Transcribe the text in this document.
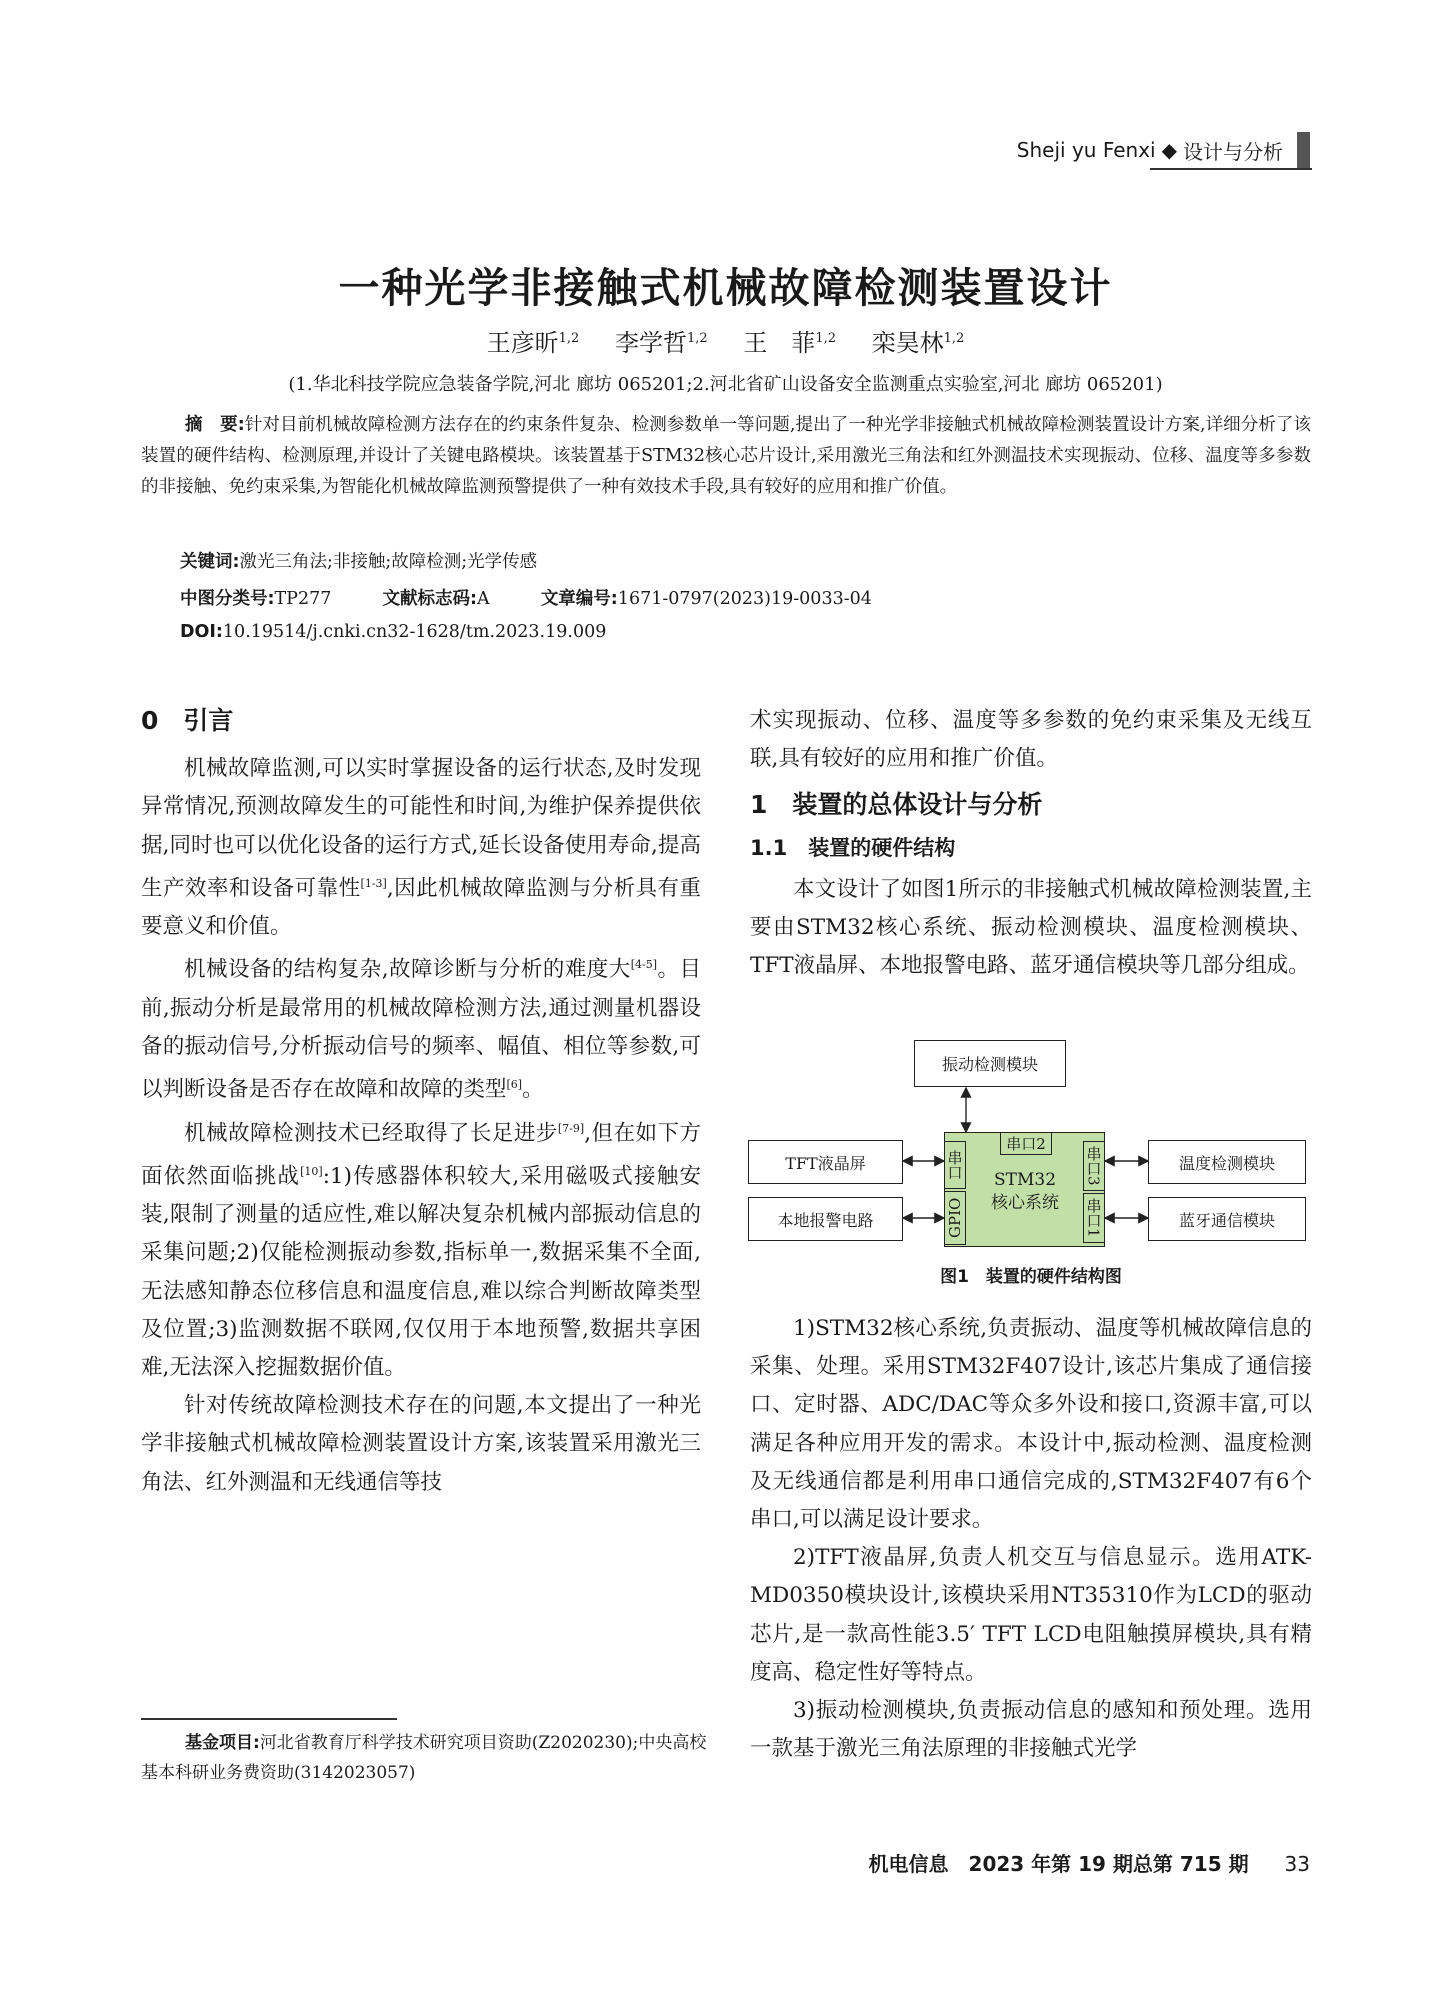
Sheji yu Fenxi ◆ 设计与分析
一种光学非接触式机械故障检测装置设计
王彦昕$^{1,2}$ 李学哲$^{1,2}$ 王　菲$^{1,2}$ 栾昊林$^{1,2}$
(1.华北科技学院应急装备学院,河北 廊坊 065201;2.河北省矿山设备安全监测重点实验室,河北 廊坊 065201)
摘　要:针对目前机械故障检测方法存在的约束条件复杂、检测参数单一等问题,提出了一种光学非接触式机械故障检测装置设计方案,详细分析了该装置的硬件结构、检测原理,并设计了关键电路模块。该装置基于STM32核心芯片设计,采用激光三角法和红外测温技术实现振动、位移、温度等多参数的非接触、免约束采集,为智能化机械故障监测预警提供了一种有效技术手段,具有较好的应用和推广价值。
关键词:激光三角法;非接触;故障检测;光学传感
中图分类号:TP277	文献标志码:A	文章编号:1671-0797(2023)19-0033-04
DOI:10.19514/j.cnki.cn32-1628/tm.2023.19.009
0　引言

机械故障监测,可以实时掌握设备的运行状态,及时发现异常情况,预测故障发生的可能性和时间,为维护保养提供依据,同时也可以优化设备的运行方式,延长设备使用寿命,提高生产效率和设备可靠性[1-3],因此机械故障监测与分析具有重要意义和价值。

机械设备的结构复杂,故障诊断与分析的难度大[4-5]。目前,振动分析是最常用的机械故障检测方法,通过测量机器设备的振动信号,分析振动信号的频率、幅值、相位等参数,可以判断设备是否存在故障和故障的类型[6]。

机械故障检测技术已经取得了长足进步[7-9],但在如下方面依然面临挑战[10]:1)传感器体积较大,采用磁吸式接触安装,限制了测量的适应性,难以解决复杂机械内部振动信息的采集问题;2)仅能检测振动参数,指标单一,数据采集不全面,无法感知静态位移信息和温度信息,难以综合判断故障类型及位置;3)监测数据不联网,仅仅用于本地预警,数据共享困难,无法深入挖掘数据价值。

针对传统故障检测技术存在的问题,本文提出了一种光学非接触式机械故障检测装置设计方案,该装置采用激光三角法、红外测温和无线通信等技

基金项目:河北省教育厅科学技术研究项目资助(Z2020230);中央高校基本科研业务费资助(3142023057)

术实现振动、位移、温度等多参数的免约束采集及无线互联,具有较好的应用和推广价值。

1　装置的总体设计与分析
1.1　装置的硬件结构

本文设计了如图1所示的非接触式机械故障检测装置,主要由STM32核心系统、振动检测模块、温度检测模块、TFT液晶屏、本地报警电路、蓝牙通信模块等几部分组成。

振动检测模块
TFT液晶屏
本地报警电路
温度检测模块
蓝牙通信模块
串口2
串口
GPIO
串口3
串口1
STM32
核心系统
图1　装置的硬件结构图

1)STM32核心系统,负责振动、温度等机械故障信息的采集、处理。采用STM32F407设计,该芯片集成了通信接口、定时器、ADC/DAC等众多外设和接口,资源丰富,可以满足各种应用开发的需求。本设计中,振动检测、温度检测及无线通信都是利用串口通信完成的,STM32F407有6个串口,可以满足设计要求。

2)TFT液晶屏,负责人机交互与信息显示。选用ATK-MD0350模块设计,该模块采用NT35310作为LCD的驱动芯片,是一款高性能3.5′ TFT LCD电阻触摸屏模块,具有精度高、稳定性好等特点。

3)振动检测模块,负责振动信息的感知和预处理。选用一款基于激光三角法原理的非接触式光学

机电信息　2023 年第 19 期总第 715 期 33
